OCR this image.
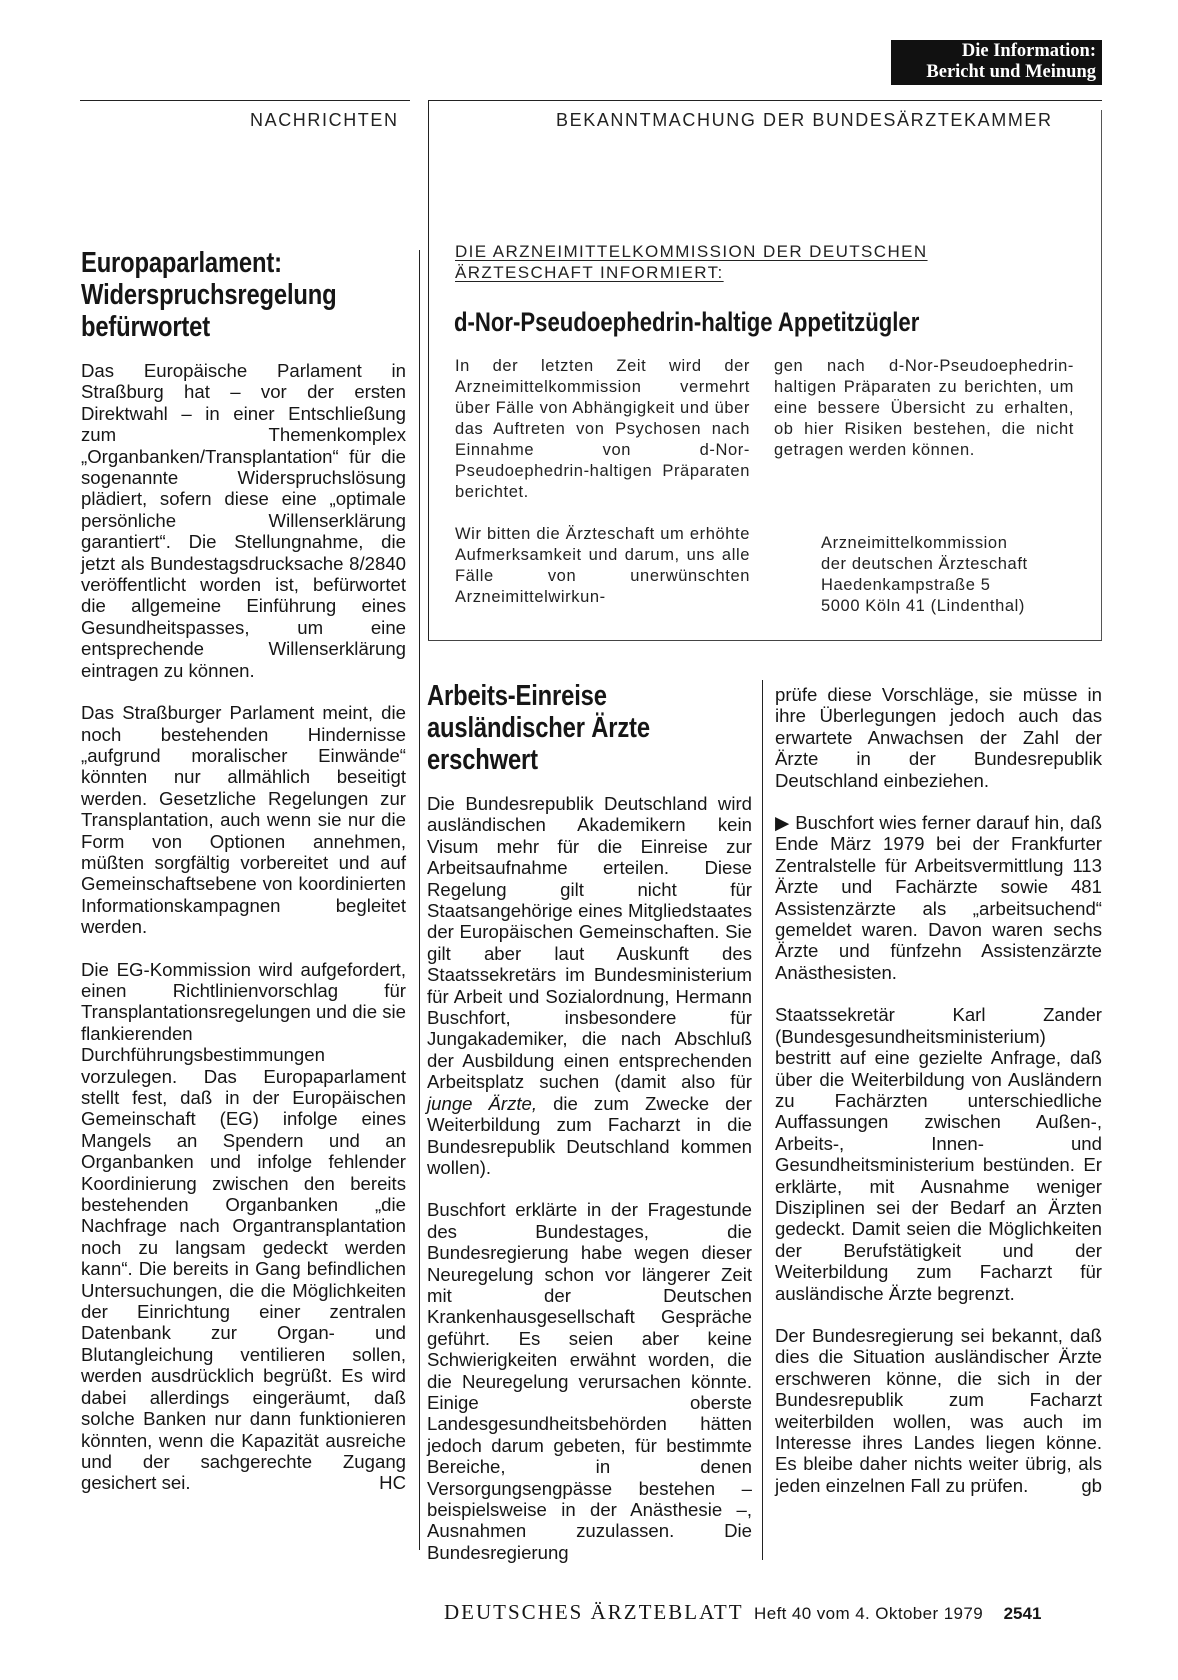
Die Information:
Bericht und Meinung
NACHRICHTEN	BEKANNTMACHUNG DER BUNDESÄRZTEKAMMER
Europaparlament:
Widerspruchsregelung
befürwortet

Das Europäische Parlament in Straßburg hat – vor der ersten Direktwahl – in einer Entschließung zum Themenkomplex „Organbanken/Transplantation“ für die sogenannte Widerspruchslösung plädiert, sofern diese eine „optimale persönliche Willenserklärung garantiert“. Die Stellungnahme, die jetzt als Bundestagsdrucksache 8/2840 veröffentlicht worden ist, befürwortet die allgemeine Einführung eines Gesundheitspasses, um eine entsprechende Willenserklärung eintragen zu können.

Das Straßburger Parlament meint, die noch bestehenden Hindernisse „aufgrund moralischer Einwände“ könnten nur allmählich beseitigt werden. Gesetzliche Regelungen zur Transplantation, auch wenn sie nur die Form von Optionen annehmen, müßten sorgfältig vorbereitet und auf Gemeinschaftsebene von koordinierten Informationskampagnen begleitet werden.

Die EG-Kommission wird aufgefordert, einen Richtlinienvorschlag für Transplantationsregelungen und die sie flankierenden Durchführungsbestimmungen vorzulegen. Das Europaparlament stellt fest, daß in der Europäischen Gemeinschaft (EG) infolge eines Mangels an Spendern und an Organbanken und infolge fehlender Koordinierung zwischen den bereits bestehenden Organbanken „die Nachfrage nach Organtransplantation noch zu langsam gedeckt werden kann“. Die bereits in Gang befindlichen Untersuchungen, die die Möglichkeiten der Einrichtung einer zentralen Datenbank zur Organ- und Blutangleichung ventilieren sollen, werden ausdrücklich begrüßt. Es wird dabei allerdings eingeräumt, daß solche Banken nur dann funktionieren könnten, wenn die Kapazität ausreiche und der sachgerechte Zugang gesichert sei.	HC

DIE ARZNEIMITTELKOMMISSION DER DEUTSCHEN
ÄRZTESCHAFT INFORMIERT:
d-Nor-Pseudoephedrin-haltige Appetitzügler

In der letzten Zeit wird der Arzneimittelkommission vermehrt über Fälle von Abhängigkeit und über das Auftreten von Psychosen nach Einnahme von d-Nor-Pseudoephedrin-haltigen Präparaten berichtet.

Wir bitten die Ärzteschaft um erhöhte Aufmerksamkeit und darum, uns alle Fälle von unerwünschten Arzneimittelwirkun-

gen nach d-Nor-Pseudoephedrin-haltigen Präparaten zu berichten, um eine bessere Übersicht zu erhalten, ob hier Risiken bestehen, die nicht getragen werden können.

Arzneimittelkommission
der deutschen Ärzteschaft
Haedenkampstraße 5
5000 Köln 41 (Lindenthal)
Arbeits-Einreise
ausländischer Ärzte
erschwert

Die Bundesrepublik Deutschland wird ausländischen Akademikern kein Visum mehr für die Einreise zur Arbeitsaufnahme erteilen. Diese Regelung gilt nicht für Staatsangehörige eines Mitgliedstaates der Europäischen Gemeinschaften. Sie gilt aber laut Auskunft des Staatssekretärs im Bundesministerium für Arbeit und Sozialordnung, Hermann Buschfort, insbesondere für Jungakademiker, die nach Abschluß der Ausbildung einen entsprechenden Arbeitsplatz suchen (damit also für junge Ärzte, die zum Zwecke der Weiterbildung zum Facharzt in die Bundesrepublik Deutschland kommen wollen).

Buschfort erklärte in der Fragestunde des Bundestages, die Bundesregierung habe wegen dieser Neuregelung schon vor längerer Zeit mit der Deutschen Krankenhausgesellschaft Gespräche geführt. Es seien aber keine Schwierigkeiten erwähnt worden, die die Neuregelung verursachen könnte. Einige oberste Landesgesundheitsbehörden hätten jedoch darum gebeten, für bestimmte Bereiche, in denen Versorgungsengpässe bestehen – beispielsweise in der Anästhesie –, Ausnahmen zuzulassen. Die Bundesregierung

prüfe diese Vorschläge, sie müsse in ihre Überlegungen jedoch auch das erwartete Anwachsen der Zahl der Ärzte in der Bundesrepublik Deutschland einbeziehen.

▶ Buschfort wies ferner darauf hin, daß Ende März 1979 bei der Frankfurter Zentralstelle für Arbeitsvermittlung 113 Ärzte und Fachärzte sowie 481 Assistenzärzte als „arbeitsuchend“ gemeldet waren. Davon waren sechs Ärzte und fünfzehn Assistenzärzte Anästhesisten.

Staatssekretär Karl Zander (Bundesgesundheitsministerium) bestritt auf eine gezielte Anfrage, daß über die Weiterbildung von Ausländern zu Fachärzten unterschiedliche Auffassungen zwischen Außen-, Arbeits-, Innen- und Gesundheitsministerium bestünden. Er erklärte, mit Ausnahme weniger Disziplinen sei der Bedarf an Ärzten gedeckt. Damit seien die Möglichkeiten der Berufstätigkeit und der Weiterbildung zum Facharzt für ausländische Ärzte begrenzt.

Der Bundesregierung sei bekannt, daß dies die Situation ausländischer Ärzte erschweren könne, die sich in der Bundesrepublik zum Facharzt weiterbilden wollen, was auch im Interesse ihres Landes liegen könne. Es bleibe daher nichts weiter übrig, als jeden einzelnen Fall zu prüfen.	gb

DEUTSCHES ÄRZTEBLATT Heft 40 vom 4. Oktober 1979 2541
